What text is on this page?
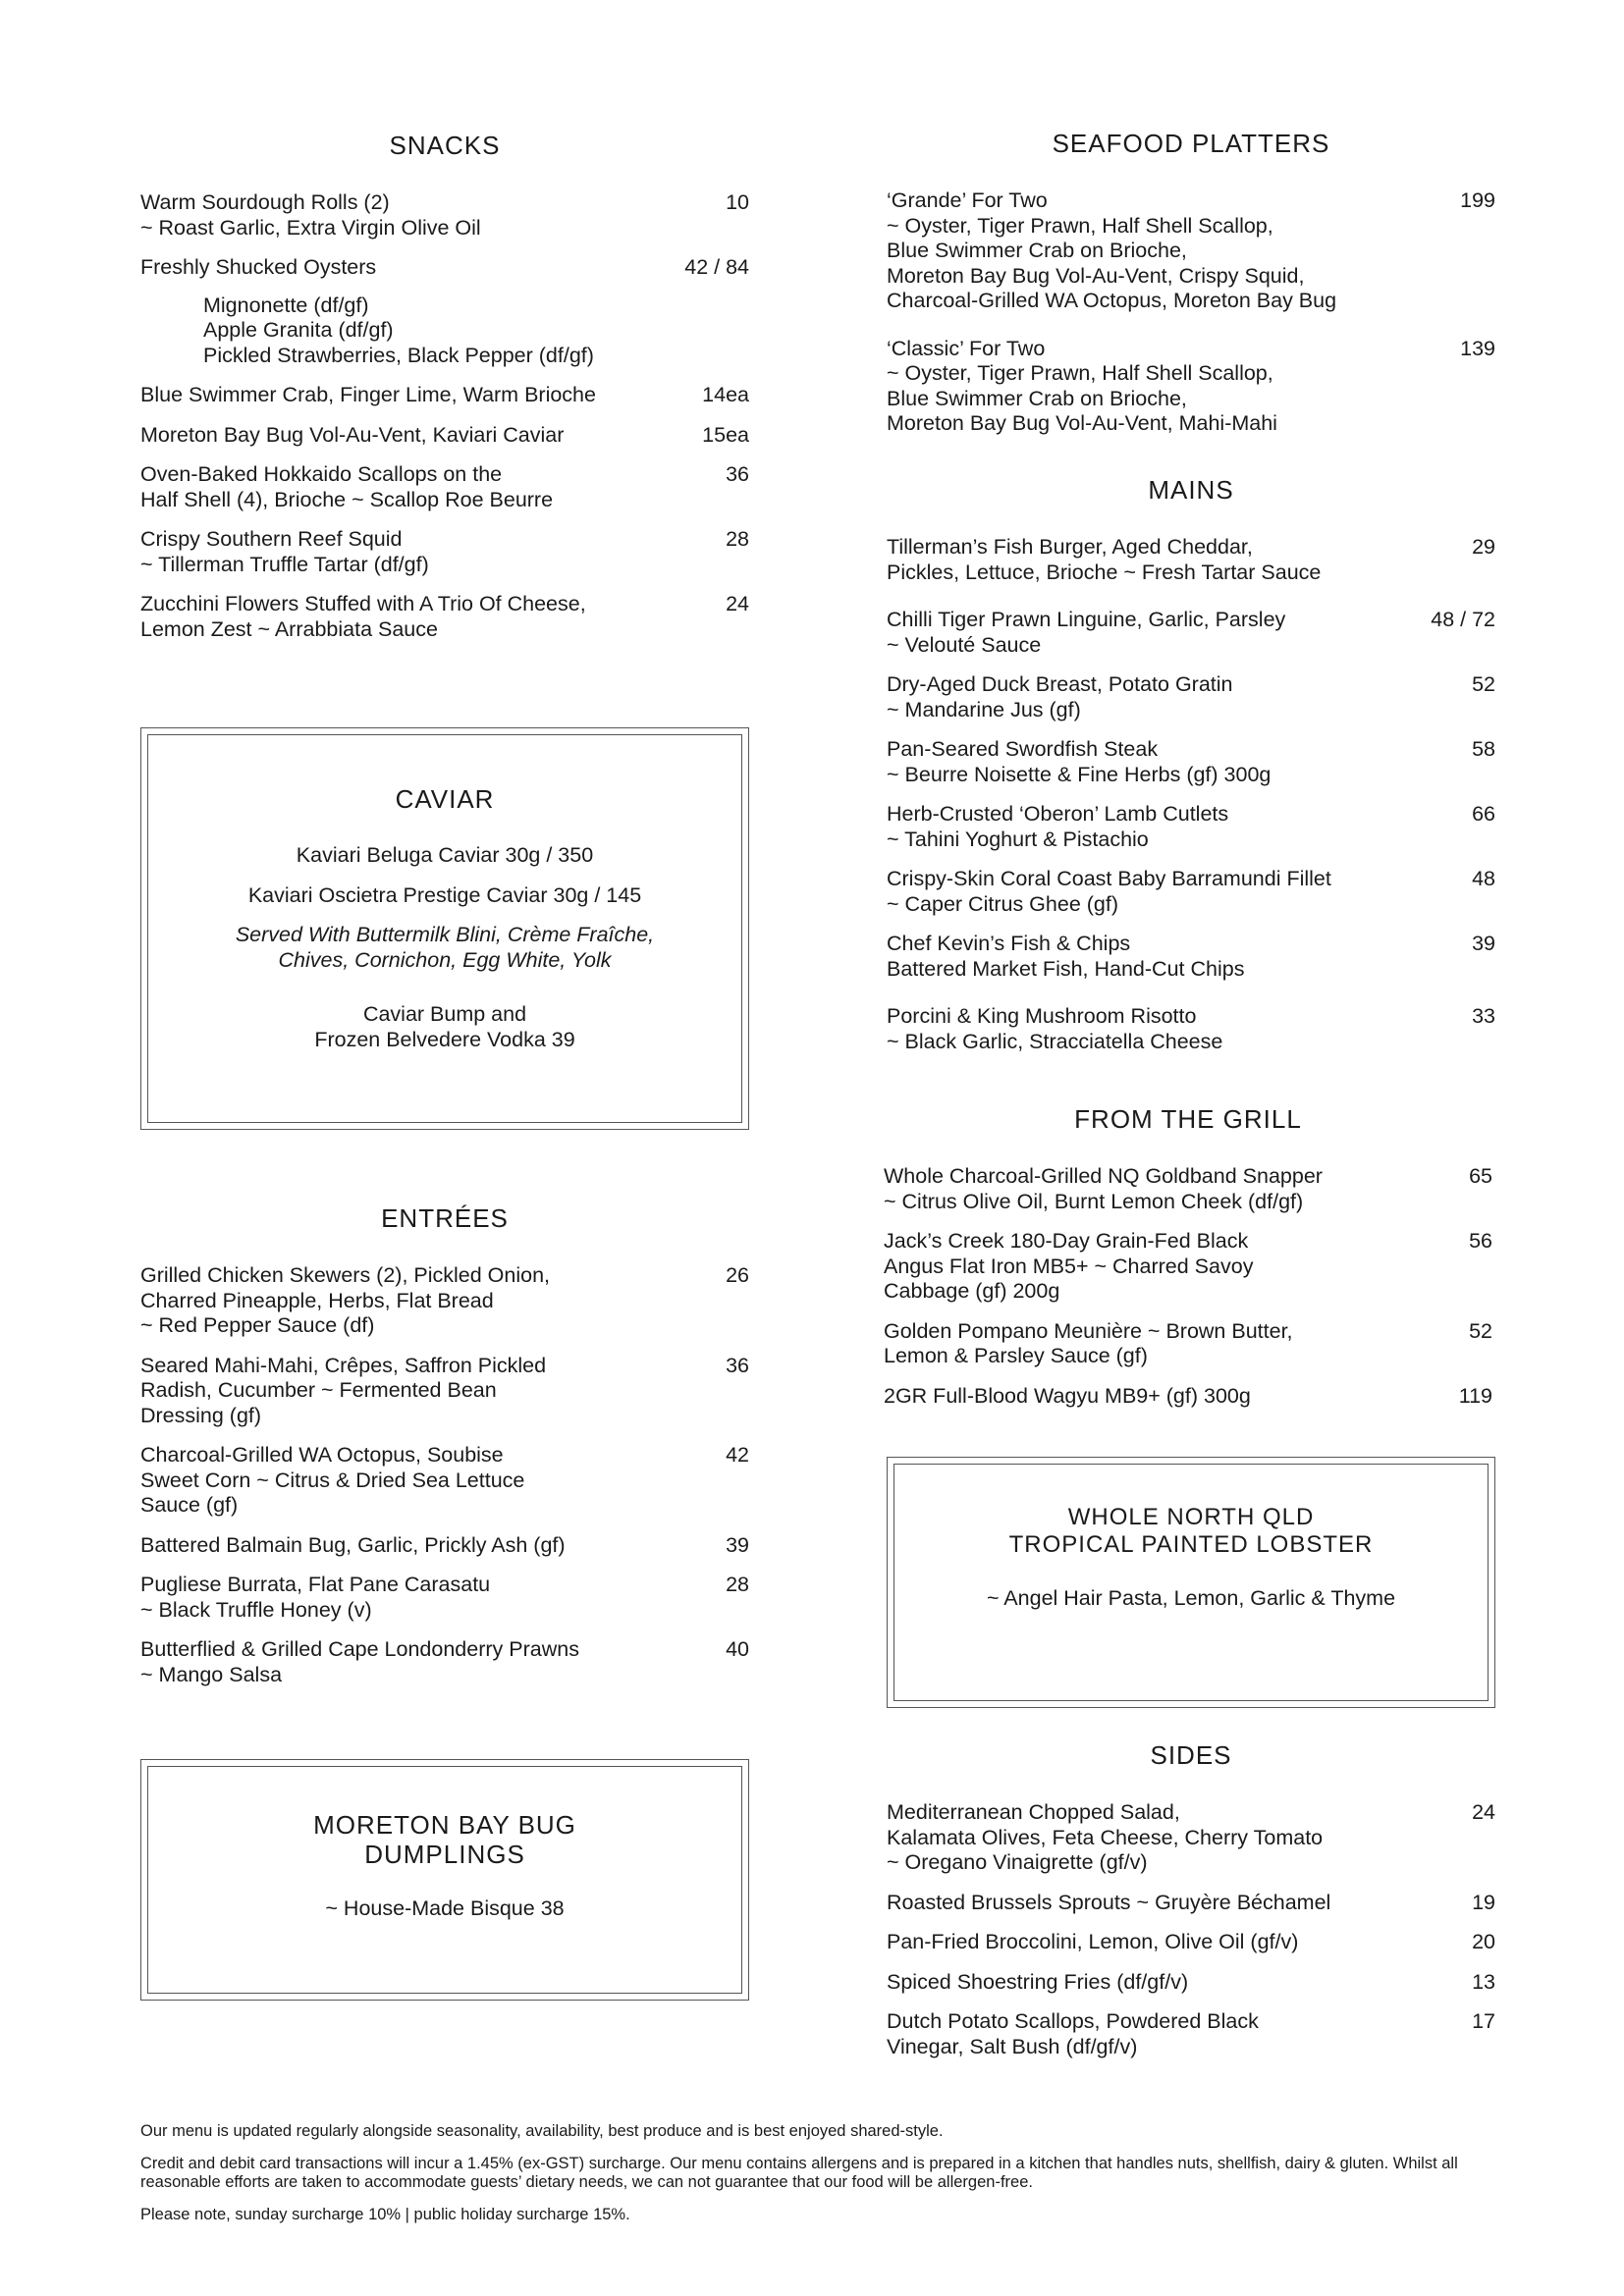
SNACKS
Warm Sourdough Rolls (2)
~ Roast Garlic, Extra Virgin Olive Oil
10
Freshly Shucked Oysters	42 / 84
Mignonette (df/gf)
Apple Granita (df/gf)
Pickled Strawberries, Black Pepper (df/gf)
Blue Swimmer Crab, Finger Lime, Warm Brioche	14ea
Moreton Bay Bug Vol-Au-Vent, Kaviari Caviar	15ea
Oven-Baked Hokkaido Scallops on the
Half Shell (4), Brioche ~ Scallop Roe Beurre
36
Crispy Southern Reef Squid
~ Tillerman Truffle Tartar (df/gf)
28
Zucchini Flowers Stuffed with A Trio Of Cheese,
Lemon Zest ~ Arrabbiata Sauce
24
CAVIAR
Kaviari Beluga Caviar 30g / 350
Kaviari Oscietra Prestige Caviar 30g / 145
Served With Buttermilk Blini, Crème Fraîche,
Chives, Cornichon, Egg White, Yolk
Caviar Bump and
Frozen Belvedere Vodka 39
ENTRÉES
Grilled Chicken Skewers (2), Pickled Onion,
Charred Pineapple, Herbs, Flat Bread
~ Red Pepper Sauce (df)
26
Seared Mahi-Mahi, Crêpes, Saffron Pickled
Radish, Cucumber ~ Fermented Bean
Dressing (gf)
36
Charcoal-Grilled WA Octopus, Soubise
Sweet Corn ~ Citrus & Dried Sea Lettuce
Sauce (gf)
42
Battered Balmain Bug, Garlic, Prickly Ash (gf)	39
Pugliese Burrata, Flat Pane Carasatu
~ Black Truffle Honey (v)
28
Butterflied & Grilled Cape Londonderry Prawns
~ Mango Salsa
40
MORETON BAY BUG
DUMPLINGS
~ House-Made Bisque 38
SEAFOOD PLATTERS
‘Grande’ For Two
~ Oyster, Tiger Prawn, Half Shell Scallop,
Blue Swimmer Crab on Brioche,
Moreton Bay Bug Vol-Au-Vent, Crispy Squid,
Charcoal-Grilled WA Octopus, Moreton Bay Bug
199
‘Classic’ For Two
~ Oyster, Tiger Prawn, Half Shell Scallop,
Blue Swimmer Crab on Brioche,
Moreton Bay Bug Vol-Au-Vent, Mahi-Mahi
139
MAINS
Tillerman’s Fish Burger, Aged Cheddar,
Pickles, Lettuce, Brioche ~ Fresh Tartar Sauce
29
Chilli Tiger Prawn Linguine, Garlic, Parsley
~ Velouté Sauce
48 / 72
Dry-Aged Duck Breast, Potato Gratin
~ Mandarine Jus (gf)
52
Pan-Seared Swordfish Steak
~ Beurre Noisette & Fine Herbs (gf) 300g
58
Herb-Crusted ‘Oberon’ Lamb Cutlets
~ Tahini Yoghurt & Pistachio
66
Crispy-Skin Coral Coast Baby Barramundi Fillet
~ Caper Citrus Ghee (gf)
48
Chef Kevin’s Fish & Chips
Battered Market Fish, Hand-Cut Chips
39
Porcini & King Mushroom Risotto
~ Black Garlic, Stracciatella Cheese
33
FROM THE GRILL
Whole Charcoal-Grilled NQ Goldband Snapper
~ Citrus Olive Oil, Burnt Lemon Cheek (df/gf)
65
Jack’s Creek 180-Day Grain-Fed Black
Angus Flat Iron MB5+ ~ Charred Savoy
Cabbage (gf) 200g
56
Golden Pompano Meunière ~ Brown Butter,
Lemon & Parsley Sauce (gf)
52
2GR Full-Blood Wagyu MB9+ (gf) 300g	119
WHOLE NORTH QLD
TROPICAL PAINTED LOBSTER
~ Angel Hair Pasta, Lemon, Garlic & Thyme
SIDES
Mediterranean Chopped Salad,
Kalamata Olives, Feta Cheese, Cherry Tomato
~ Oregano Vinaigrette (gf/v)
24
Roasted Brussels Sprouts ~ Gruyère Béchamel	19
Pan-Fried Broccolini, Lemon, Olive Oil (gf/v)	20
Spiced Shoestring Fries (df/gf/v)	13
Dutch Potato Scallops, Powdered Black
Vinegar, Salt Bush (df/gf/v)
17

Our menu is updated regularly alongside seasonality, availability, best produce and is best enjoyed shared-style.

Credit and debit card transactions will incur a 1.45% (ex-GST) surcharge. Our menu contains allergens and is prepared in a kitchen that handles nuts, shellfish, dairy & gluten. Whilst all reasonable efforts are taken to accommodate guests’ dietary needs, we can not guarantee that our food will be allergen-free.

Please note, sunday surcharge 10% | public holiday surcharge 15%.
